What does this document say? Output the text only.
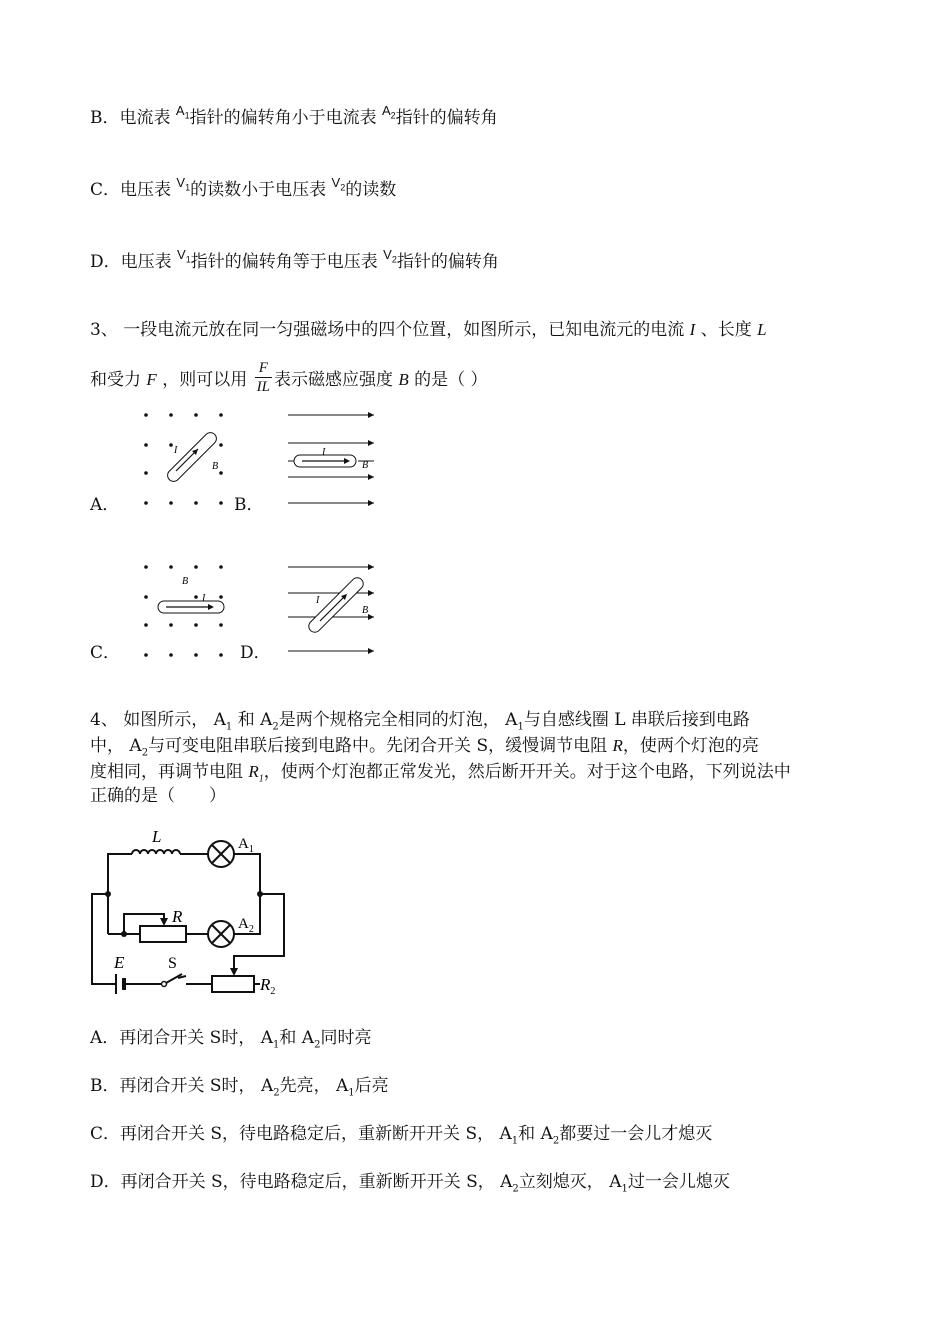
B．电流表 $^{A_1}$指针的偏转角小于电流表 $^{A_2}$指针的偏转角
C．电压表 $^{V_1}$的读数小于电压表 $^{V_2}$的读数
D．电压表 $^{V_1}$指针的偏转角等于电压表 $^{V_2}$指针的偏转角
3、 一段电流元放在同一匀强磁场中的四个位置，如图所示，已知电流元的电流 I 、长度 L
和受力 F ，则可以用 $\frac{F}{IL}$ 表示磁感应强度 B 的是（ ）
A．	B．
C．	D．
I
B
I
B
I
B
I
B
4、 如图所示， $A_1$ 和 $A_2$是两个规格完全相同的灯泡， $A_1$与自感线圈 L 串联后接到电路
中， $A_2$与可变电阻串联后接到电路中。先闭合开关 S，缓慢调节电阻 R，使两个灯泡的亮
度相同，再调节电阻 $R_1$，使两个灯泡都正常发光，然后断开开关。对于这个电路，下列说法中
正确的是（　　）
L	$A_1$
R	$A_2$
E	S
$R_2$
A．再闭合开关 S时， $A_1$和 $A_2$同时亮
B．再闭合开关 S时， $A_2$先亮， $A_1$后亮
C．再闭合开关 S，待电路稳定后，重新断开开关 S， $A_1$和 $A_2$都要过一会儿才熄灭
D．再闭合开关 S，待电路稳定后，重新断开开关 S， $A_2$立刻熄灭， $A_1$过一会儿熄灭
